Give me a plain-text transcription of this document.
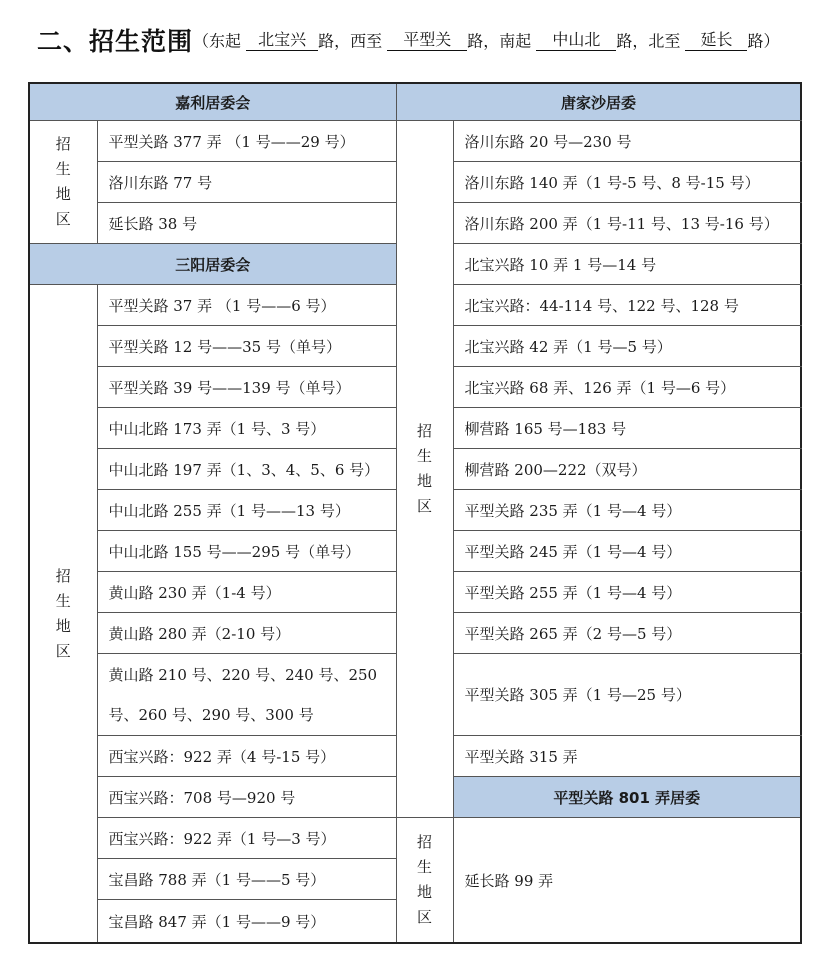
二、招生范围（东起 北宝兴 路，西至 平型关 路，南起 中山北 路，北至 延长 路）
嘉利居委会		唐家沙居委	
招生地区	平型关路 377 弄 （1 号——29 号）	招生地区	洛川东路 20 号—230 号
	洛川东路 77 号		洛川东路 140 弄（1 号-5 号、8 号-15 号）
	延长路 38 号		洛川东路 200 弄（1 号-11 号、13 号-16 号）
三阳居委会			北宝兴路 10 弄 1 号—14 号
招生地区	平型关路 37 弄 （1 号——6 号）		北宝兴路：44-114 号、122 号、128 号
	平型关路 12 号——35 号（单号）		北宝兴路 42 弄（1 号—5 号）
	平型关路 39 号——139 号（单号）		北宝兴路 68 弄、126 弄（1 号—6 号）
	中山北路 173 弄（1 号、3 号）		柳营路 165 号—183 号
	中山北路 197 弄（1、3、4、5、6 号）		柳营路 200—222（双号）
	中山北路 255 弄（1 号——13 号）		平型关路 235 弄（1 号—4 号）
	中山北路 155 号——295 号（单号）		平型关路 245 弄（1 号—4 号）
	黄山路 230 弄（1-4 号）		平型关路 255 弄（1 号—4 号）
	黄山路 280 弄（2-10 号）		平型关路 265 弄（2 号—5 号）
	黄山路 210 号、220 号、240 号、250 号、260 号、290 号、300 号		平型关路 305 弄（1 号—25 号）
	西宝兴路：922 弄（4 号-15 号）		平型关路 315 弄
	西宝兴路：708 号—920 号		平型关路 801 弄居委
	西宝兴路：922 弄（1 号—3 号）	招生地区	延长路 99 弄
	宝昌路 788 弄（1 号——5 号）		
	宝昌路 847 弄（1 号——9 号）		
